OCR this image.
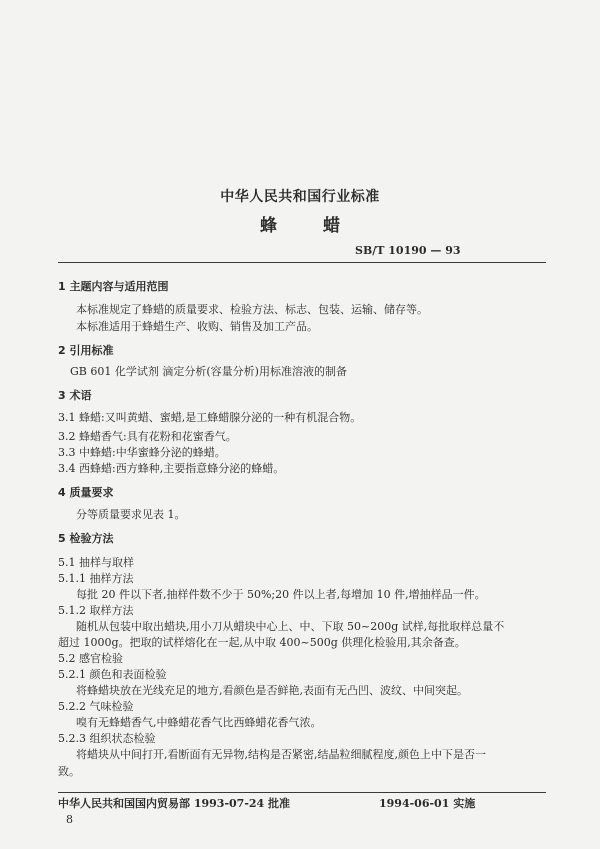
中华人民共和国行业标准
蜂 蜡
SB/T 10190 — 93
1 主题内容与适用范围
本标准规定了蜂蜡的质量要求、检验方法、标志、包装、运输、储存等。
本标准适用于蜂蜡生产、收购、销售及加工产品。
2 引用标准
GB 601 化学试剂 滴定分析(容量分析)用标准溶液的制备
3 术语
3.1 蜂蜡:又叫黄蜡、蜜蜡,是工蜂蜡腺分泌的一种有机混合物。
3.2 蜂蜡香气:具有花粉和花蜜香气。
3.3 中蜂蜡:中华蜜蜂分泌的蜂蜡。
3.4 西蜂蜡:西方蜂种,主要指意蜂分泌的蜂蜡。
4 质量要求
分等质量要求见表 1。
5 检验方法
5.1 抽样与取样
5.1.1 抽样方法
每批 20 件以下者,抽样件数不少于 50%;20 件以上者,每增加 10 件,增抽样品一件。
5.1.2 取样方法
随机从包装中取出蜡块,用小刀从蜡块中心上、中、下取 50~200g 试样,每批取样总量不
超过 1000g。把取的试样熔化在一起,从中取 400~500g 供理化检验用,其余备查。
5.2 感官检验
5.2.1 颜色和表面检验
将蜂蜡块放在光线充足的地方,看颜色是否鲜艳,表面有无凸凹、波纹、中间突起。
5.2.2 气味检验
嗅有无蜂蜡香气,中蜂蜡花香气比西蜂蜡花香气浓。
5.2.3 组织状态检验
将蜡块从中间打开,看断面有无异物,结构是否紧密,结晶粒细腻程度,颜色上中下是否一
致。
中华人民共和国国内贸易部 1993-07-24 批准	1994-06-01 实施
8
